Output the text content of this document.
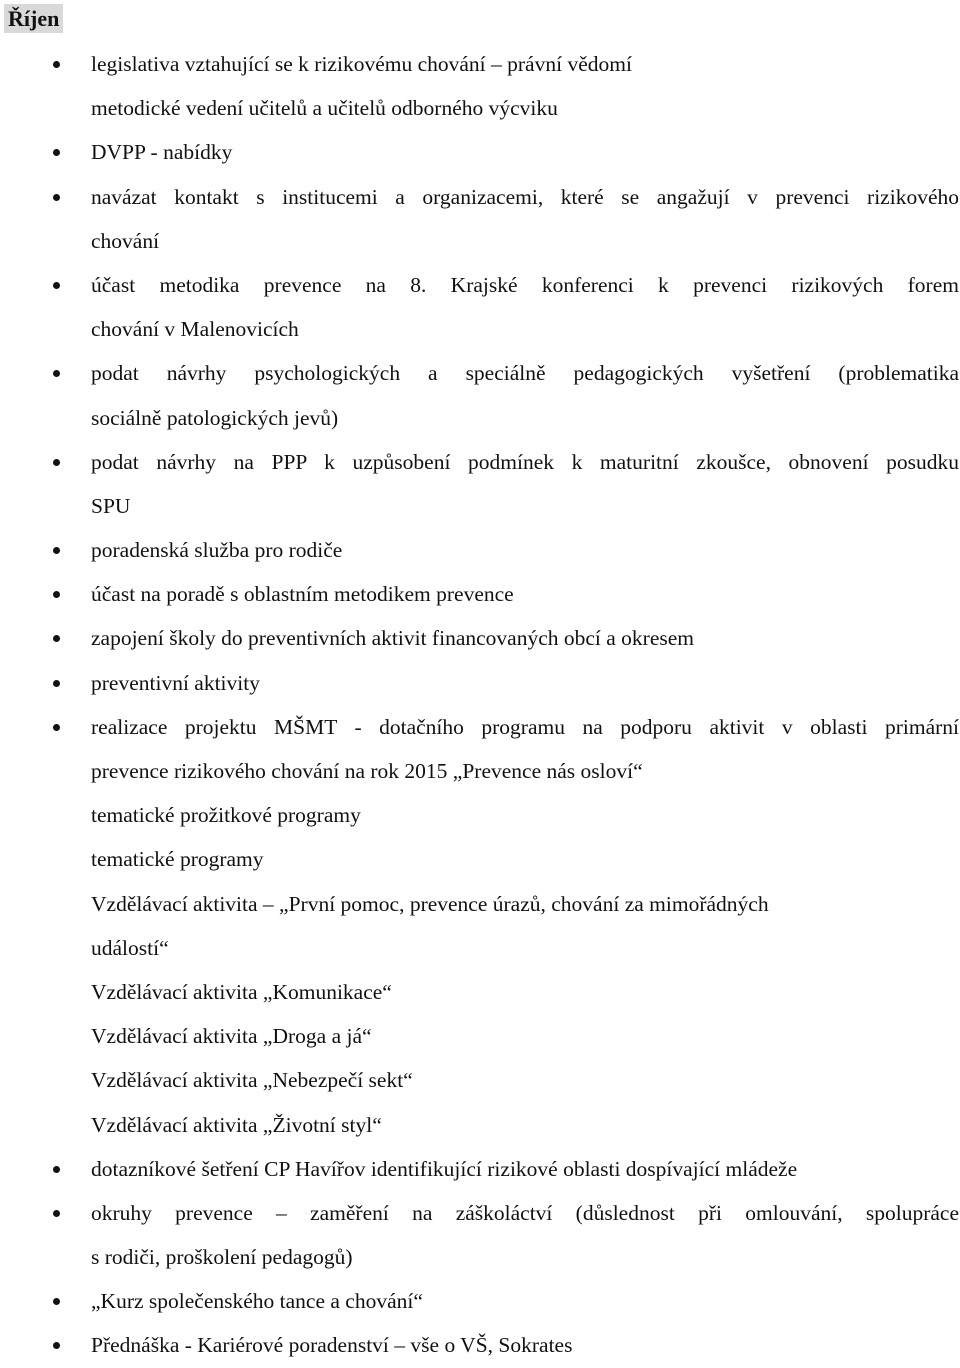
Říjen
legislativa vztahující se k rizikovému chování – právní vědomí
metodické vedení učitelů a učitelů odborného výcviku
DVPP - nabídky
navázat kontakt s institucemi a organizacemi, které se angažují v prevenci rizikového
chování
účast metodika prevence na 8. Krajské konferenci k prevenci rizikových forem
chování v Malenovicích
podat návrhy psychologických a speciálně pedagogických vyšetření (problematika
sociálně patologických jevů)
podat návrhy na PPP k uzpůsobení podmínek k maturitní zkoušce, obnovení posudku
SPU
poradenská služba pro rodiče
účast na poradě s oblastním metodikem prevence
zapojení školy do preventivních aktivit financovaných obcí a okresem
preventivní aktivity
realizace projektu MŠMT - dotačního programu na podporu aktivit v oblasti primární
prevence rizikového chování na rok 2015 „Prevence nás osloví“
tematické prožitkové programy
tematické programy
Vzdělávací aktivita – „První pomoc, prevence úrazů, chování za mimořádných
událostí“
Vzdělávací aktivita „Komunikace“
Vzdělávací aktivita „Droga a já“
Vzdělávací aktivita „Nebezpečí sekt“
Vzdělávací aktivita „Životní styl“
dotazníkové šetření CP Havířov identifikující rizikové oblasti dospívající mládeže
okruhy prevence – zaměření na záškoláctví (důslednost při omlouvání, spolupráce
s rodiči, proškolení pedagogů)
„Kurz společenského tance a chování“
Přednáška - Kariérové poradenství – vše o VŠ, Sokrates
